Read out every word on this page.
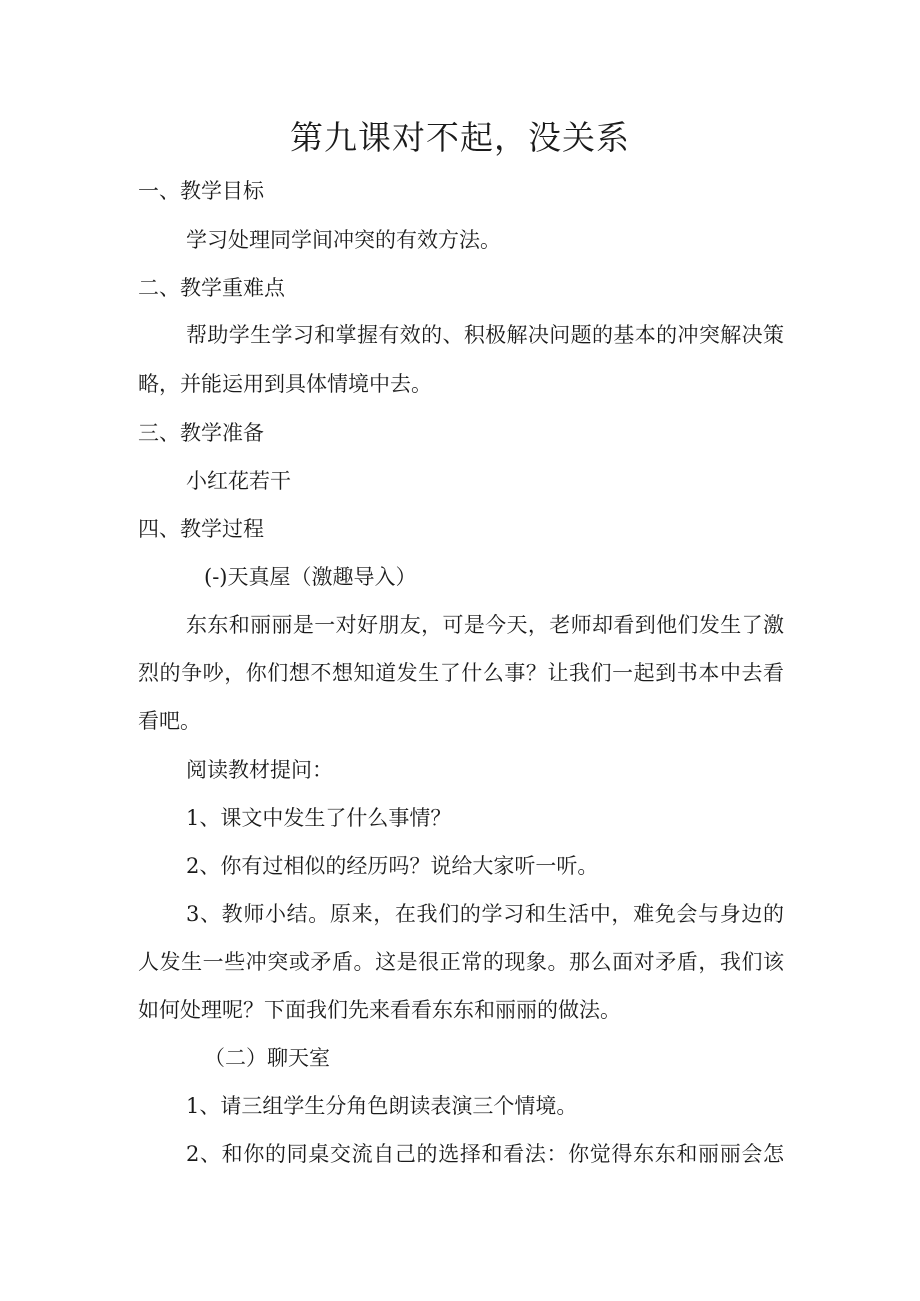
第九课对不起，没关系
一、教学目标
学习处理同学间冲突的有效方法。
二、教学重难点
帮助学生学习和掌握有效的、积极解决问题的基本的冲突解决策
略，并能运用到具体情境中去。
三、教学准备
小红花若干
四、教学过程
(-)天真屋（激趣导入）
东东和丽丽是一对好朋友，可是今天，老师却看到他们发生了激
烈的争吵，你们想不想知道发生了什么事？让我们一起到书本中去看
看吧。
阅读教材提问：
1、课文中发生了什么事情？
2、你有过相似的经历吗？说给大家听一听。
3、教师小结。原来，在我们的学习和生活中，难免会与身边的
人发生一些冲突或矛盾。这是很正常的现象。那么面对矛盾，我们该
如何处理呢？下面我们先来看看东东和丽丽的做法。
（二）聊天室
1、请三组学生分角色朗读表演三个情境。
2、和你的同桌交流自己的选择和看法：你觉得东东和丽丽会怎
